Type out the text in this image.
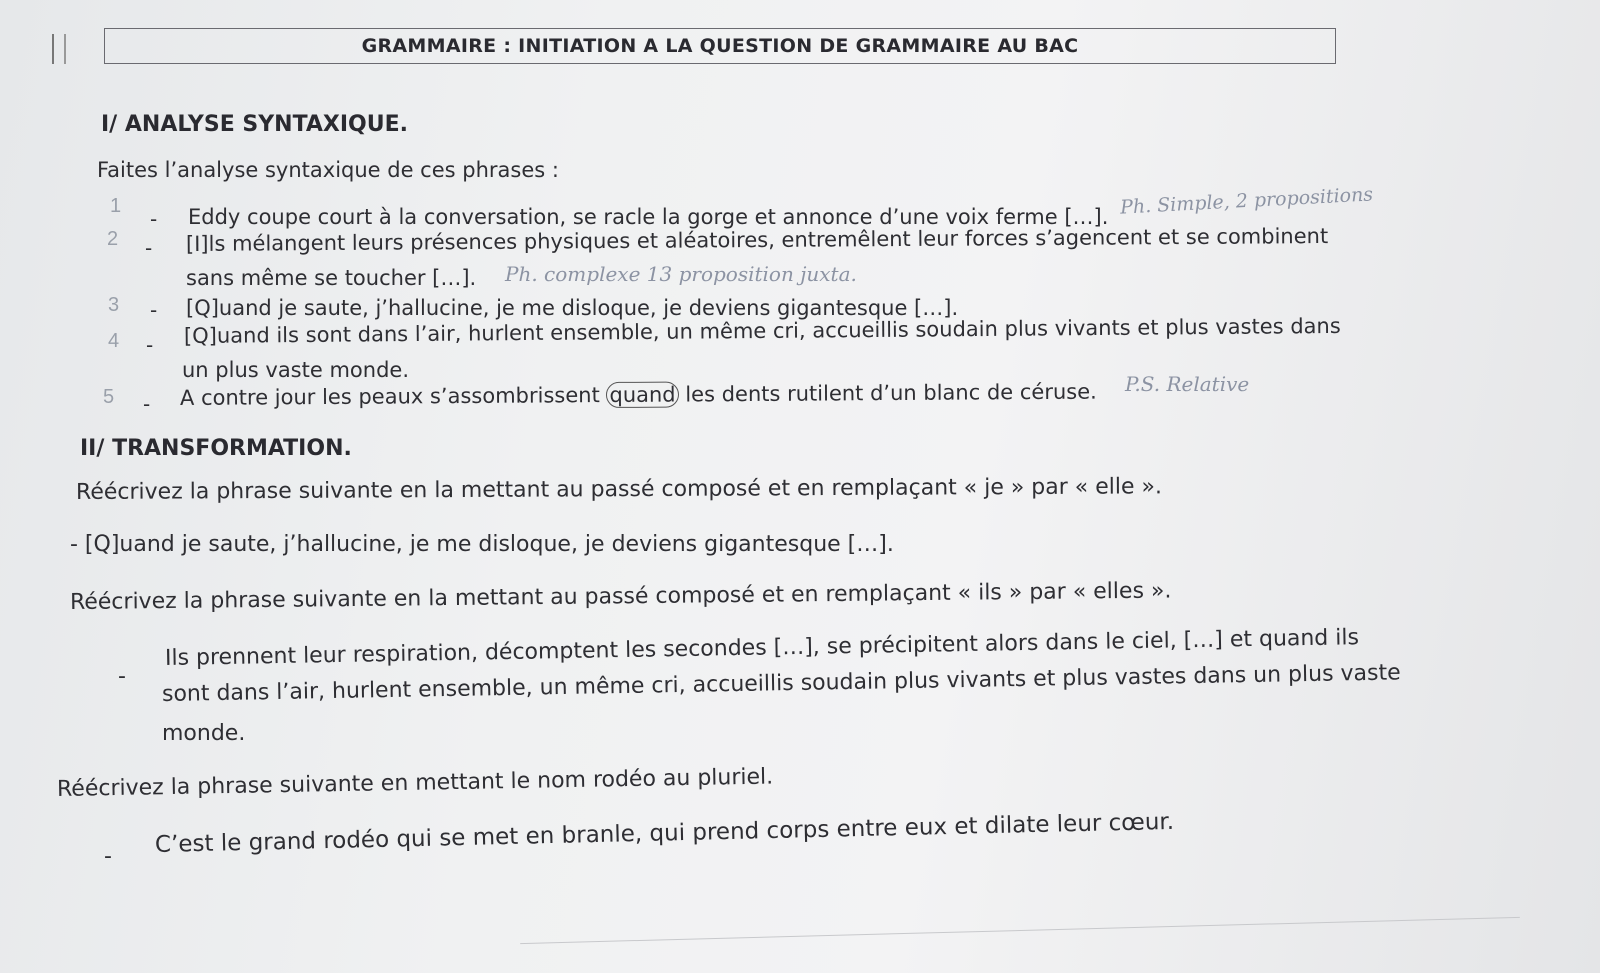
GRAMMAIRE : INITIATION A LA QUESTION DE GRAMMAIRE AU BAC
I/ ANALYSE SYNTAXIQUE.
Faites l’analyse syntaxique de ces phrases :
1
- Eddy coupe court à la conversation, se racle la gorge et annonce d’une voix ferme […]. Ph. Simple, 2 propositions
2 - [I]ls mélangent leurs présences physiques et aléatoires, entremêlent leur forces s’agencent et se combinent
sans même se toucher […]. Ph. complexe 13 proposition juxta.
3 - [Q]uand je saute, j’hallucine, je me disloque, je deviens gigantesque […].
4 - [Q]uand ils sont dans l’air, hurlent ensemble, un même cri, accueillis soudain plus vivants et plus vastes dans
un plus vaste monde.
5 - A contre jour les peaux s’assombrissent quand les dents rutilent d’un blanc de céruse. P.S. Relative
II/ TRANSFORMATION.
Réécrivez la phrase suivante en la mettant au passé composé et en remplaçant « je » par « elle ».
- [Q]uand je saute, j’hallucine, je me disloque, je deviens gigantesque […].
Réécrivez la phrase suivante en la mettant au passé composé et en remplaçant « ils » par « elles ».
-
Ils prennent leur respiration, décomptent les secondes […], se précipitent alors dans le ciel, […] et quand ils
sont dans l’air, hurlent ensemble, un même cri, accueillis soudain plus vivants et plus vastes dans un plus vaste
monde.
Réécrivez la phrase suivante en mettant le nom rodéo au pluriel.
- C’est le grand rodéo qui se met en branle, qui prend corps entre eux et dilate leur cœur.
